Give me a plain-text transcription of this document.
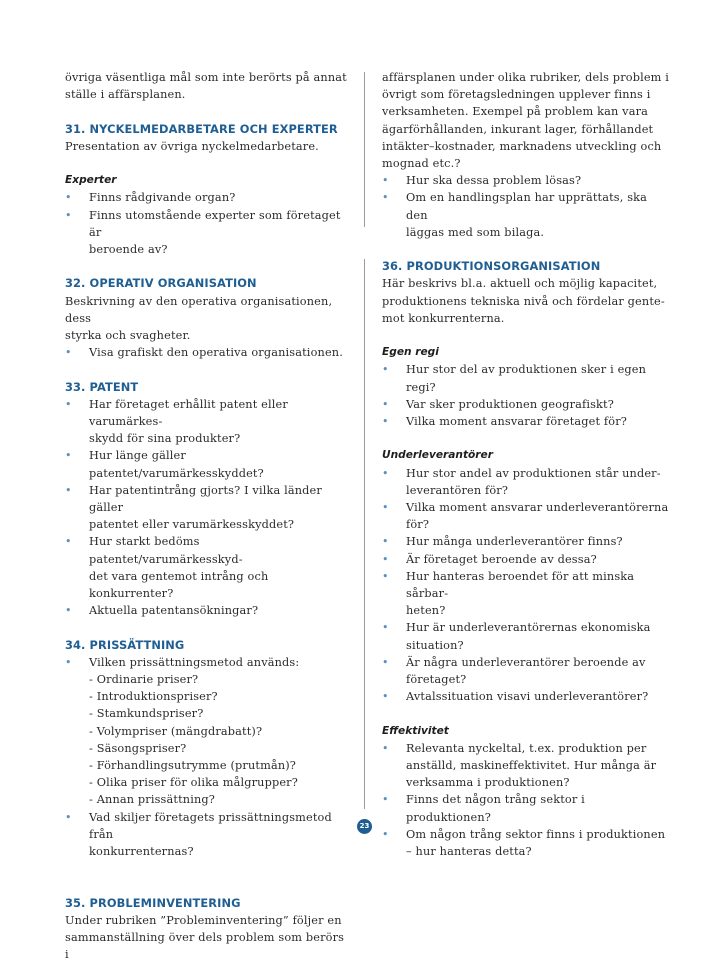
övriga väsentliga mål som inte berörts på annat

ställe i affärsplanen.

31. NYCKELMEDARBETARE OCH EXPERTER

Presentation av övriga nyckelmedarbetare.

Experter
• Finns rådgivande organ?
• Finns utomstående experter som företaget är
beroende av?
32. OPERATIV ORGANISATION

Beskrivning av den operativa organisationen, dess

styrka och svagheter.

• Visa grafiskt den operativa organisationen.
33. PATENT
• Har företaget erhållit patent eller varumärkes-
skydd för sina produkter?
• Hur länge gäller patentet/varumärkesskyddet?
• Har patentintrång gjorts? I vilka länder gäller
patentet eller varumärkesskyddet?
• Hur starkt bedöms patentet/varumärkesskyd-
det vara gentemot intrång och konkurrenter?
• Aktuella patentansökningar?
34. PRISSÄTTNING
• Vilken prissättningsmetod används:
- Ordinarie priser?
- Introduktionspriser?
- Stamkundspriser?
- Volympriser (mängdrabatt)?
- Säsongspriser?
- Förhandlingsutrymme (prutmån)?
- Olika priser för olika målgrupper?
- Annan prissättning?
• Vad skiljer företagets prissättningsmetod från
konkurrenternas?
35. PROBLEMINVENTERING

Under rubriken ”Probleminventering” följer en

sammanställning över dels problem som berörs i

affärsplanen under olika rubriker, dels problem i

övrigt som företagsledningen upplever finns i

verksamheten. Exempel på problem kan vara

ägarförhållanden, inkurant lager, förhållandet

intäkter–kostnader, marknadens utveckling och

mognad etc.?

• Hur ska dessa problem lösas?
• Om en handlingsplan har upprättats, ska den
läggas med som bilaga.
36. PRODUKTIONSORGANISATION

Här beskrivs bl.a. aktuell och möjlig kapacitet,

produktionens tekniska nivå och fördelar gente-

mot konkurrenterna.

Egen regi
• Hur stor del av produktionen sker i egen regi?
• Var sker produktionen geografiskt?
• Vilka moment ansvarar företaget för?
Underleverantörer
• Hur stor andel av produktionen står under-
leverantören för?
• Vilka moment ansvarar underleverantörerna
för?
• Hur många underleverantörer finns?
• Är företaget beroende av dessa?
• Hur hanteras beroendet för att minska sårbar-
heten?
• Hur är underleverantörernas ekonomiska
situation?
• Är några underleverantörer beroende av
företaget?
• Avtalssituation visavi underleverantörer?
Effektivitet
• Relevanta nyckeltal, t.ex. produktion per
anställd, maskineffektivitet. Hur många är
verksamma i produktionen?
• Finns det någon trång sektor i produktionen?
• Om någon trång sektor finns i produktionen
– hur hanteras detta?
23
